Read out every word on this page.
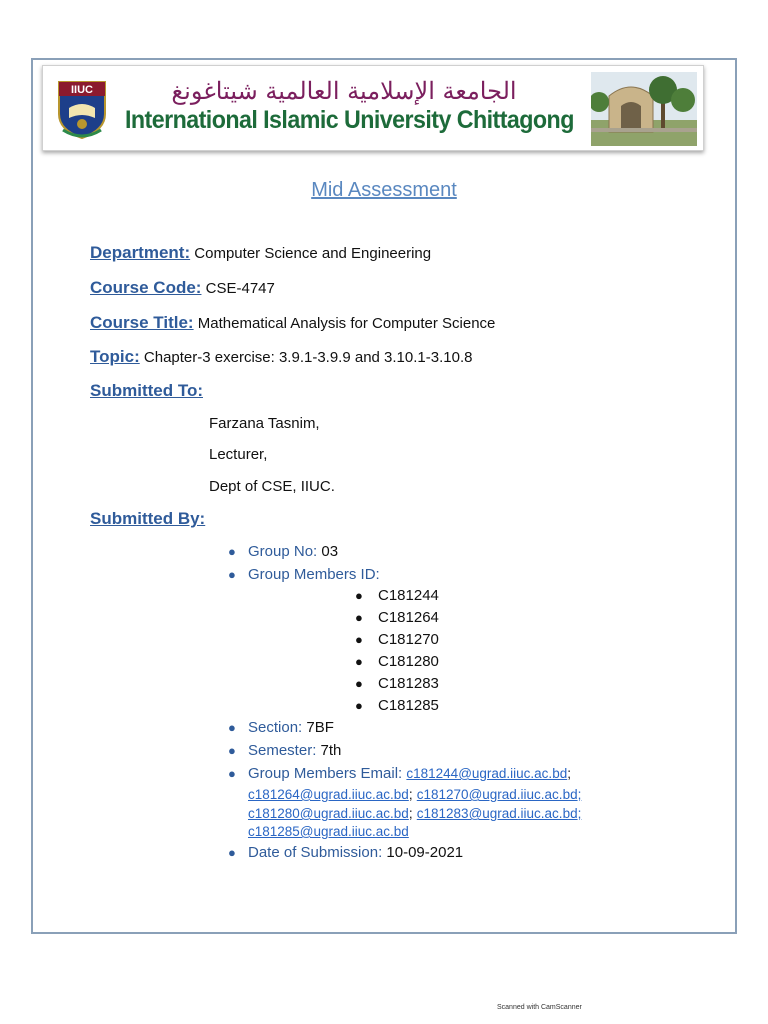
IIUC	الجامعة الإسلامية العالمية شيتاغونغ
International Islamic University Chittagong
Mid Assessment
Department: Computer Science and Engineering
Course Code: CSE-4747
Course Title: Mathematical Analysis for Computer Science
Topic: Chapter-3 exercise: 3.9.1-3.9.9 and 3.10.1-3.10.8
Submitted To:
Farzana Tasnim,
Lecturer,
Dept of CSE, IIUC.
Submitted By:
● Group No: 03
● Group Members ID:
● C181244
● C181264
● C181270
● C181280
● C181283
● C181285
● Section: 7BF
● Semester: 7th
● Group Members Email: c181244@ugrad.iiuc.ac.bd;
c181264@ugrad.iiuc.ac.bd; c181270@ugrad.iiuc.ac.bd;
c181280@ugrad.iiuc.ac.bd; c181283@ugrad.iiuc.ac.bd;
c181285@ugrad.iiuc.ac.bd
● Date of Submission: 10-09-2021
Scanned with CamScanner
